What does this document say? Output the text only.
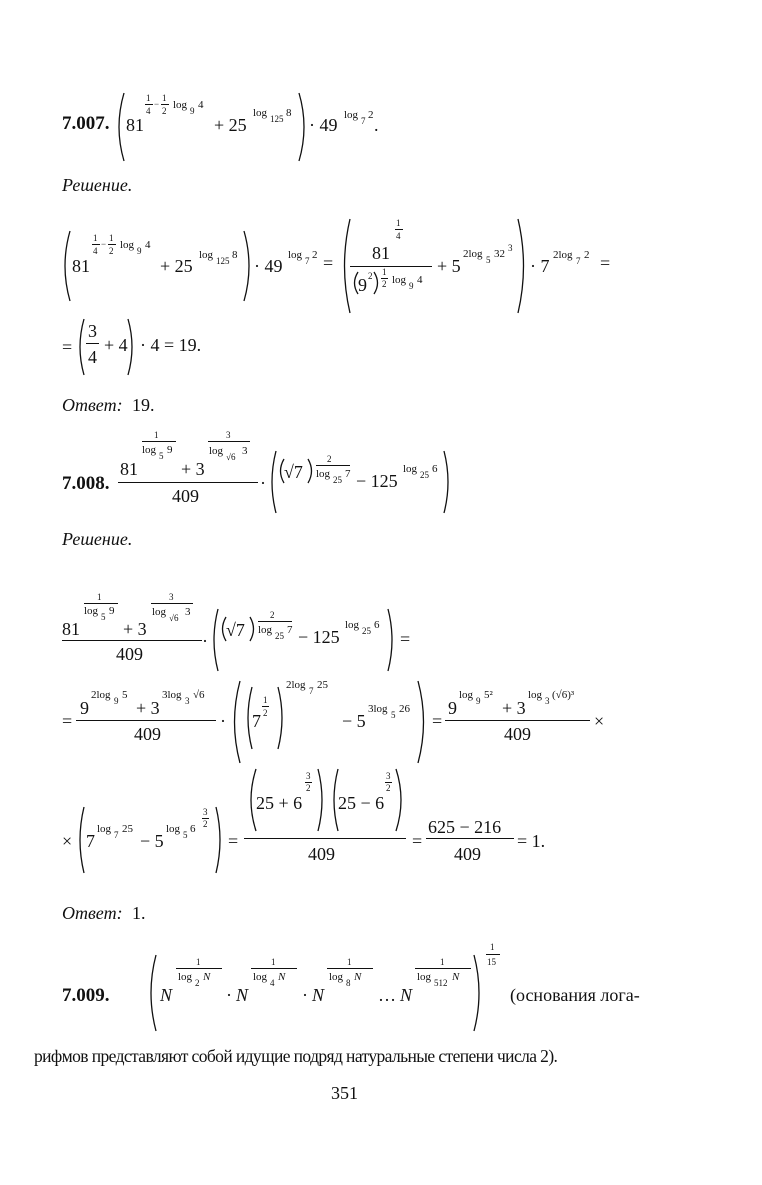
7.007. 81
1
4
−
1
2 log 9 4
+ 25
log 125 8
· 49 log 7 2 .
Решение.
81
1
4
−
1
2 log 9 4
+ 25
log 125 8
· 49
log 7 2 =
1
4
81
9 2 1
2 log 9 4
+ 5
2log 5 32 3
· 7
2log 7 2 =
=
3
4
+ 4 · 4 = 19.
Ответ: 19.
7.008.
1
81
log 5 9
+ 3
3
log √6 3
409
·
√7
2
log 25 7 − 125
log 25 6
Решение.
1
81
log 5 9
+ 3
3
log √6 3
409
·
√7
2
log 25 7 − 125
log 25 6
=
=
9
2log 9 5
+ 3
3log 3 √6
409
· 7
1
2
2log 7 25
− 5
3log 5 26
=
9
log 9 5²
+ 3
log 3 (√6)³
409
×
× 7
log 7 25
− 5
log 5 6
3
2
=
25 + 6
3
2
25 − 6
3
2
409
=
625 − 216
409
= 1.
Ответ: 1.
7.009.	N
1
log 2 N
· N
1
log 4 N
· N
1
log 8 N
… N
1
log 512 N
1
15
(основания лога-
рифмов представляют собой идущие подряд натуральные степени числа 2).
351
